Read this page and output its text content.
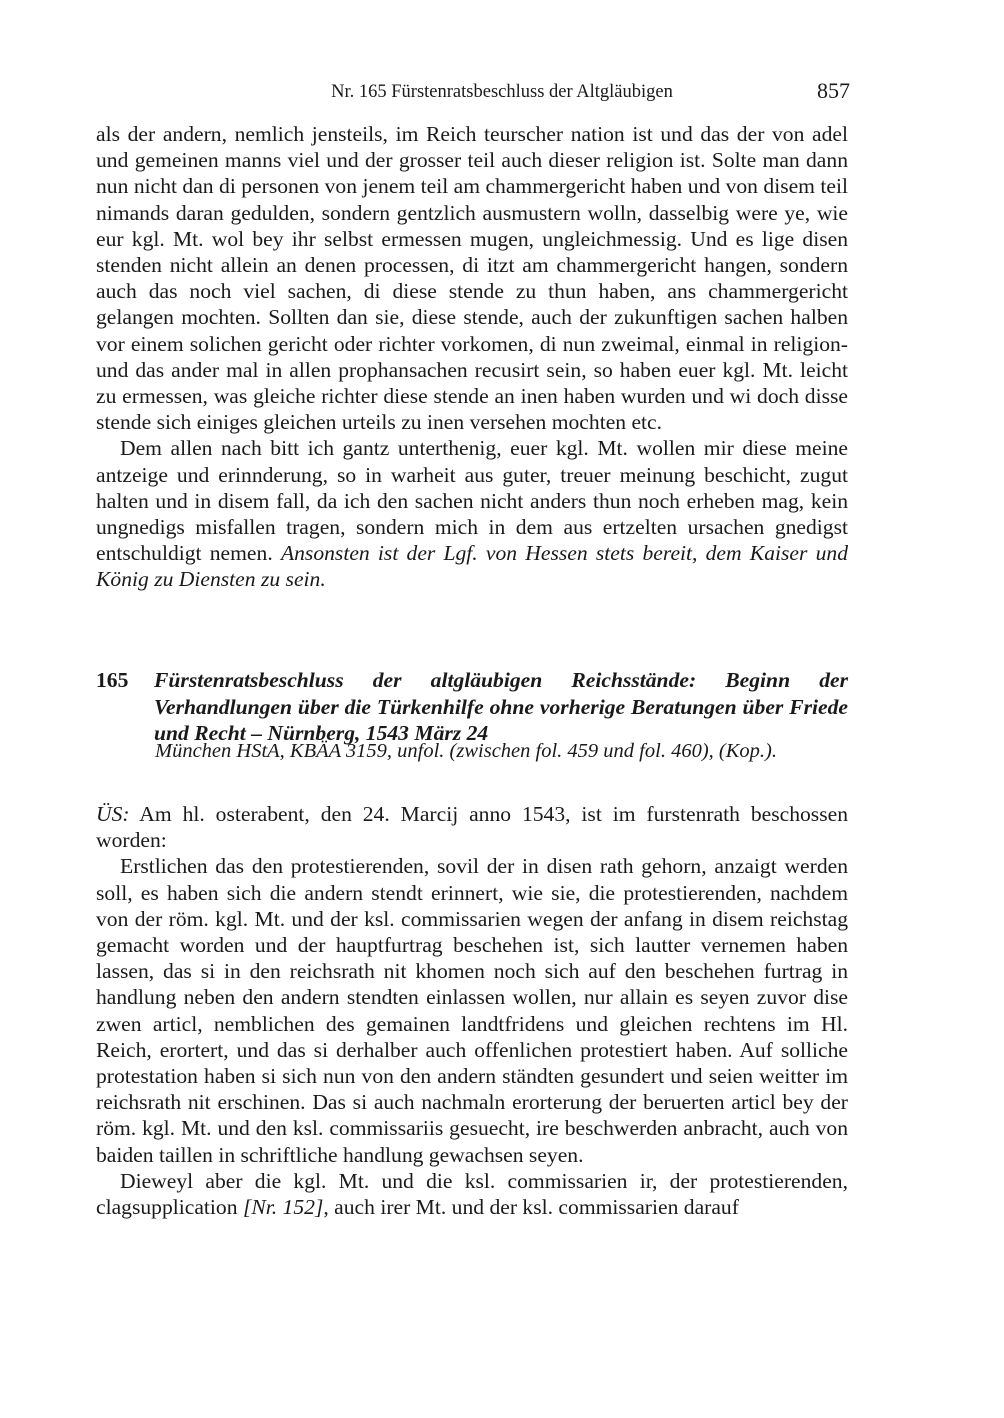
Nr. 165 Fürstenratsbeschluss der Altgläubigen	857

als der andern, nemlich jensteils, im Reich teurscher nation ist und das der von adel und gemeinen manns viel und der grosser teil auch dieser religion ist. Solte man dann nun nicht dan di personen von jenem teil am chammergericht haben und von disem teil nimands daran gedulden, sondern gentzlich ausmustern wolln, dasselbig were ye, wie eur kgl. Mt. wol bey ihr selbst ermessen mugen, ungleichmessig. Und es lige disen stenden nicht allein an denen processen, di itzt am chammergericht hangen, sondern auch das noch viel sachen, di diese stende zu thun haben, ans chammergericht gelangen mochten. Sollten dan sie, diese stende, auch der zukunftigen sachen halben vor einem solichen gericht oder richter vorkomen, di nun zweimal, einmal in religion- und das ander mal in allen prophansachen recusirt sein, so haben euer kgl. Mt. leicht zu ermessen, was gleiche richter diese stende an inen haben wurden und wi doch disse stende sich einiges gleichen urteils zu inen versehen mochten etc.

Dem allen nach bitt ich gantz unterthenig, euer kgl. Mt. wollen mir diese meine antzeige und erinnderung, so in warheit aus guter, treuer meinung beschicht, zugut halten und in disem fall, da ich den sachen nicht anders thun noch erheben mag, kein ungnedigs misfallen tragen, sondern mich in dem aus ertzelten ursachen gnedigst entschuldigt nemen. Ansonsten ist der Lgf. von Hessen stets bereit, dem Kaiser und König zu Diensten zu sein.

165 Fürstenratsbeschluss der altgläubigen Reichsstände: Beginn der Verhandlungen über die Türkenhilfe ohne vorherige Beratungen über Friede und Recht – Nürnberg, 1543 März 24
München HStA, KBÄA 3159, unfol. (zwischen fol. 459 und fol. 460), (Kop.).

ÜS: Am hl. osterabent, den 24. Marcij anno 1543, ist im furstenrath beschossen worden:

Erstlichen das den protestierenden, sovil der in disen rath gehorn, anzaigt werden soll, es haben sich die andern stendt erinnert, wie sie, die protestierenden, nachdem von der röm. kgl. Mt. und der ksl. commissarien wegen der anfang in disem reichstag gemacht worden und der hauptfurtrag beschehen ist, sich lautter vernemen haben lassen, das si in den reichsrath nit khomen noch sich auf den beschehen furtrag in handlung neben den andern stendten einlassen wollen, nur allain es seyen zuvor dise zwen articl, nemblichen des gemainen landtfridens und gleichen rechtens im Hl. Reich, erortert, und das si derhalber auch offenlichen protestiert haben. Auf solliche protestation haben si sich nun von den andern ständten gesundert und seien weitter im reichsrath nit erschinen. Das si auch nachmaln erorterung der beruerten articl bey der röm. kgl. Mt. und den ksl. commissariis gesuecht, ire beschwerden anbracht, auch von baiden taillen in schriftliche handlung gewachsen seyen.

Dieweyl aber die kgl. Mt. und die ksl. commissarien ir, der protestierenden, clagsupplication [Nr. 152], auch irer Mt. und der ksl. commissarien darauf
